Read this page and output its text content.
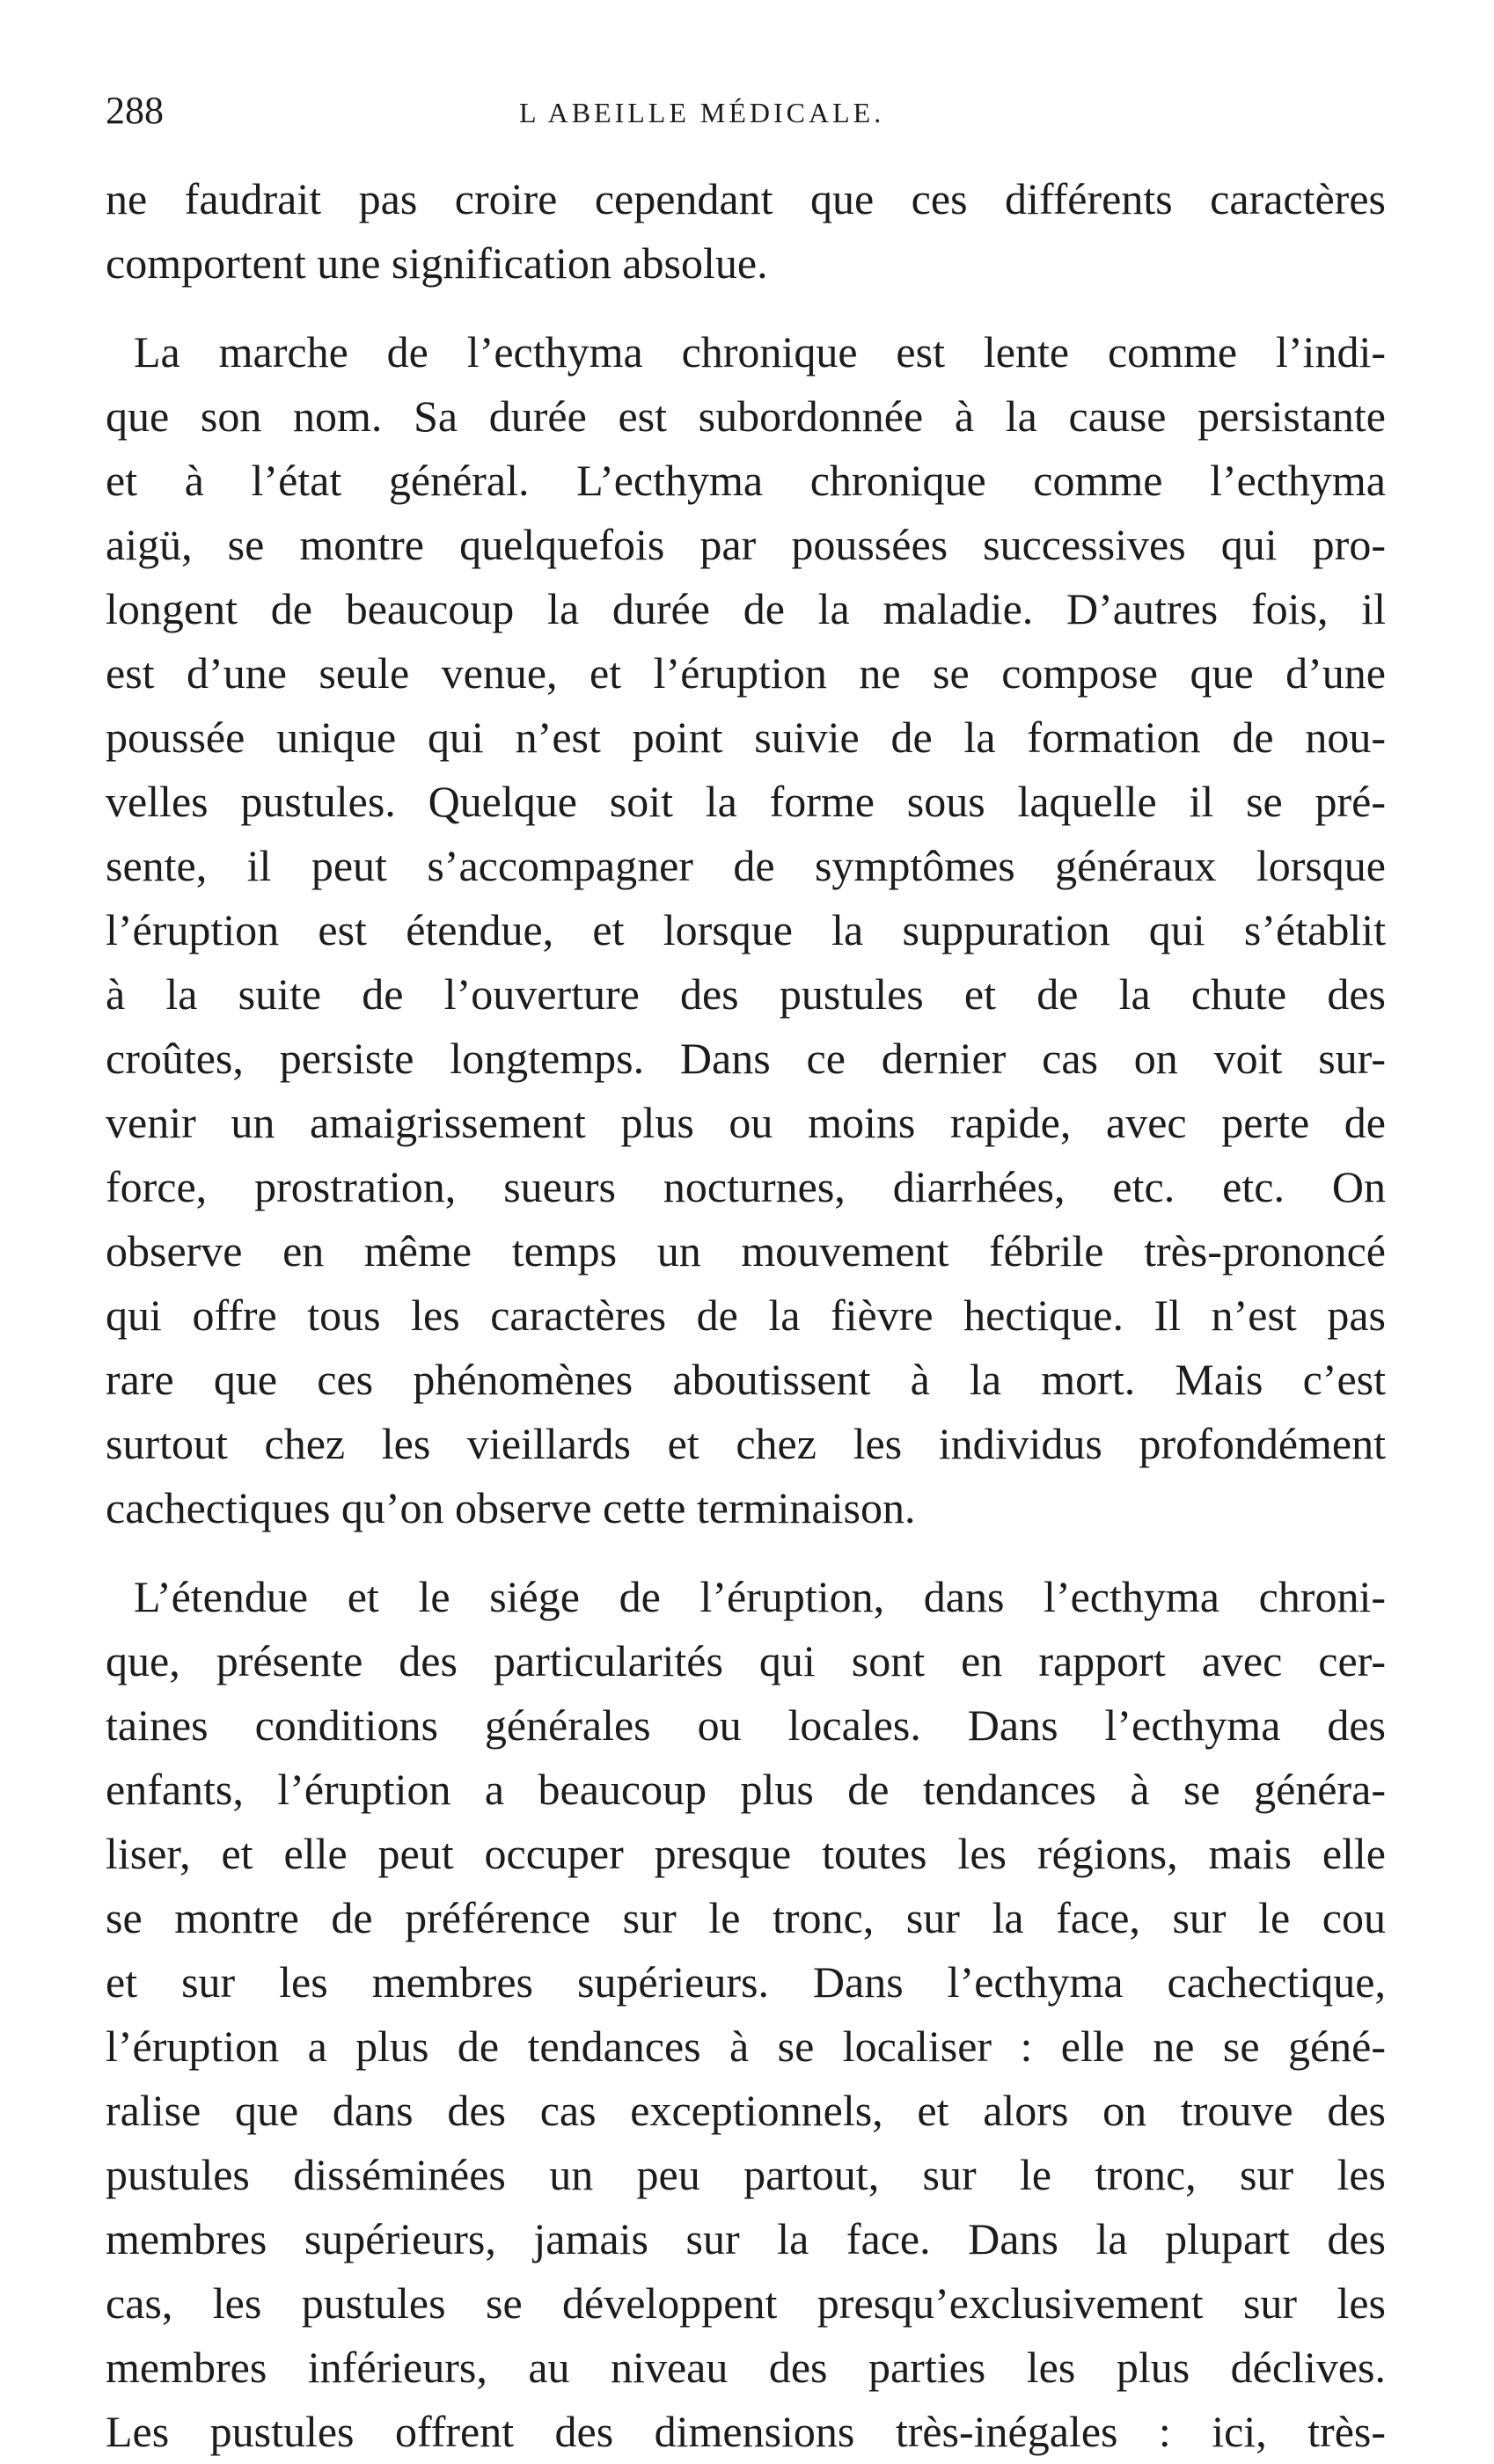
288	L ABEILLE MÉDICALE.
ne faudrait pas croire cependant que ces différents caractères
comportent une signification absolue.
La marche de l’ecthyma chronique est lente comme l’indi-
que son nom. Sa durée est subordonnée à la cause persistante
et à l’état général. L’ecthyma chronique comme l’ecthyma
aigü, se montre quelquefois par poussées successives qui pro-
longent de beaucoup la durée de la maladie. D’autres fois, il
est d’une seule venue, et l’éruption ne se compose que d’une
poussée unique qui n’est point suivie de la formation de nou-
velles pustules. Quelque soit la forme sous laquelle il se pré-
sente, il peut s’accompagner de symptômes généraux lorsque
l’éruption est étendue, et lorsque la suppuration qui s’établit
à la suite de l’ouverture des pustules et de la chute des
croûtes, persiste longtemps. Dans ce dernier cas on voit sur-
venir un amaigrissement plus ou moins rapide, avec perte de
force, prostration, sueurs nocturnes, diarrhées, etc. etc. On
observe en même temps un mouvement fébrile très-prononcé
qui offre tous les caractères de la fièvre hectique. Il n’est pas
rare que ces phénomènes aboutissent à la mort. Mais c’est
surtout chez les vieillards et chez les individus profondément
cachectiques qu’on observe cette terminaison.
L’étendue et le siége de l’éruption, dans l’ecthyma chroni-
que, présente des particularités qui sont en rapport avec cer-
taines conditions générales ou locales. Dans l’ecthyma des
enfants, l’éruption a beaucoup plus de tendances à se généra-
liser, et elle peut occuper presque toutes les régions, mais elle
se montre de préférence sur le tronc, sur la face, sur le cou
et sur les membres supérieurs. Dans l’ecthyma cachectique,
l’éruption a plus de tendances à se localiser : elle ne se géné-
ralise que dans des cas exceptionnels, et alors on trouve des
pustules disséminées un peu partout, sur le tronc, sur les
membres supérieurs, jamais sur la face. Dans la plupart des
cas, les pustules se développent presqu’exclusivement sur les
membres inférieurs, au niveau des parties les plus déclives.
Les pustules offrent des dimensions très-inégales : ici, très-
